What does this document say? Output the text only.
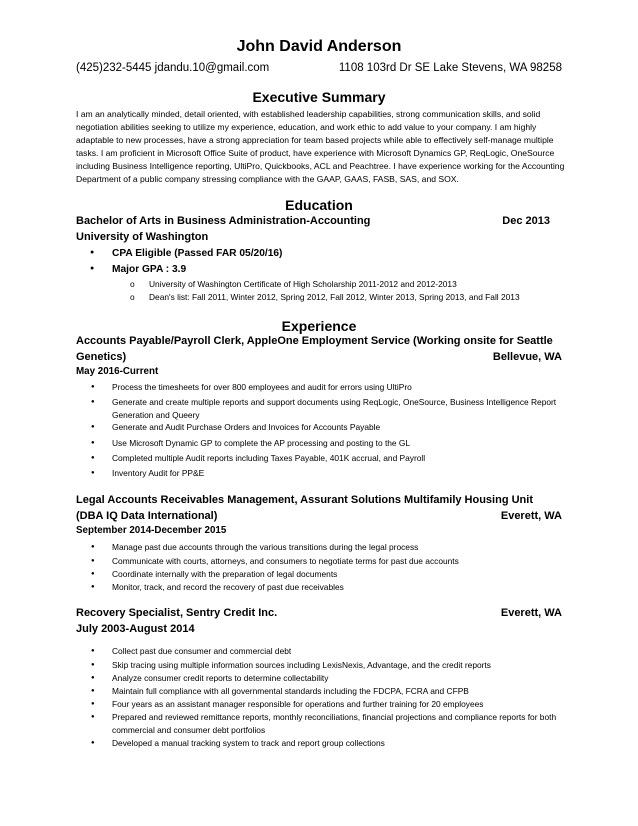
John David Anderson
(425)232-5445 jdandu.10@gmail.com	1108 103rd Dr SE Lake Stevens, WA 98258
Executive Summary
I am an analytically minded, detail oriented, with established leadership capabilities, strong communication skills, and solid negotiation abilities seeking to utilize my experience, education, and work ethic to add value to your company. I am highly adaptable to new processes, have a strong appreciation for team based projects while able to effectively self-manage multiple tasks. I am proficient in Microsoft Office Suite of product, have experience with Microsoft Dynamics GP, ReqLogic, OneSource including Business Intelligence reporting, UltiPro, Quickbooks, ACL and Peachtree. I have experience working for the Accounting Department of a public company stressing compliance with the GAAP, GAAS, FASB, SAS, and SOX.
Education
Bachelor of Arts in Business Administration-Accounting	Dec 2013
University of Washington
CPA Eligible (Passed FAR 05/20/16)
Major GPA : 3.9
University of Washington Certificate of High Scholarship 2011-2012 and 2012-2013
Dean's list: Fall 2011, Winter 2012, Spring 2012, Fall 2012, Winter 2013, Spring 2013, and Fall 2013
Experience
Accounts Payable/Payroll Clerk, AppleOne Employment Service (Working onsite for Seattle
Genetics)	Bellevue, WA
May 2016-Current
Process the timesheets for over 800 employees and audit for errors using UltiPro
Generate and create multiple reports and support documents using ReqLogic, OneSource, Business Intelligence Report Generation and Queery
Generate and Audit Purchase Orders and Invoices for Accounts Payable
Use Microsoft Dynamic GP to complete the AP processing and posting to the GL
Completed multiple Audit reports including Taxes Payable, 401K accrual, and Payroll
Inventory Audit for PP&E
Legal Accounts Receivables Management, Assurant Solutions Multifamily Housing Unit
(DBA IQ Data International)	Everett, WA
September 2014-December 2015
Manage past due accounts through the various transitions during the legal process
Communicate with courts, attorneys, and consumers to negotiate terms for past due accounts
Coordinate internally with the preparation of legal documents
Monitor, track, and record the recovery of past due receivables
Recovery Specialist, Sentry Credit Inc.	Everett, WA
July 2003-August 2014
Collect past due consumer and commercial debt
Skip tracing using multiple information sources including LexisNexis, Advantage, and the credit reports
Analyze consumer credit reports to determine collectability
Maintain full compliance with all governmental standards including the FDCPA, FCRA and CFPB
Four years as an assistant manager responsible for operations and further training for 20 employees
Prepared and reviewed remittance reports, monthly reconciliations, financial projections and compliance reports for both commercial and consumer debt portfolios
Developed a manual tracking system to track and report group collections
